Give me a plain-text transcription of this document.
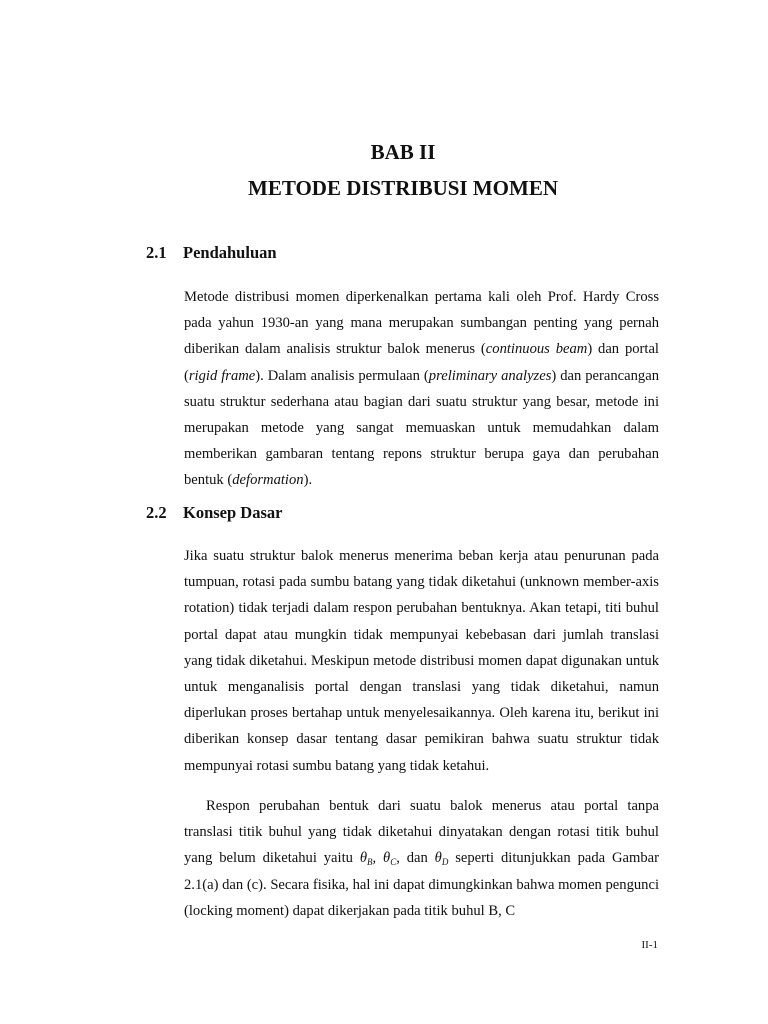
BAB II
METODE DISTRIBUSI MOMEN
2.1 Pendahuluan

Metode distribusi momen diperkenalkan pertama kali oleh Prof. Hardy Cross pada yahun 1930-an yang mana merupakan sumbangan penting yang pernah diberikan dalam analisis struktur balok menerus (continuous beam) dan portal (rigid frame). Dalam analisis permulaan (preliminary analyzes) dan perancangan suatu struktur sederhana atau bagian dari suatu struktur yang besar, metode ini merupakan metode yang sangat memuaskan untuk memudahkan dalam memberikan gambaran tentang repons struktur berupa gaya dan perubahan bentuk (deformation).

2.2 Konsep Dasar

Jika suatu struktur balok menerus menerima beban kerja atau penurunan pada tumpuan, rotasi pada sumbu batang yang tidak diketahui (unknown member-axis rotation) tidak terjadi dalam respon perubahan bentuknya. Akan tetapi, titi buhul portal dapat atau mungkin tidak mempunyai kebebasan dari jumlah translasi yang tidak diketahui. Meskipun metode distribusi momen dapat digunakan untuk untuk menganalisis portal dengan translasi yang tidak diketahui, namun diperlukan proses bertahap untuk menyelesaikannya. Oleh karena itu, berikut ini diberikan konsep dasar tentang dasar pemikiran bahwa suatu struktur tidak mempunyai rotasi sumbu batang yang tidak ketahui.

Respon perubahan bentuk dari suatu balok menerus atau portal tanpa translasi titik buhul yang tidak diketahui dinyatakan dengan rotasi titik buhul yang belum diketahui yaitu $\theta_B$, $\theta_C$, dan $\theta_D$ seperti ditunjukkan pada Gambar 2.1(a) dan (c). Secara fisika, hal ini dapat dimungkinkan bahwa momen pengunci (locking moment) dapat dikerjakan pada titik buhul B, C

II-1
